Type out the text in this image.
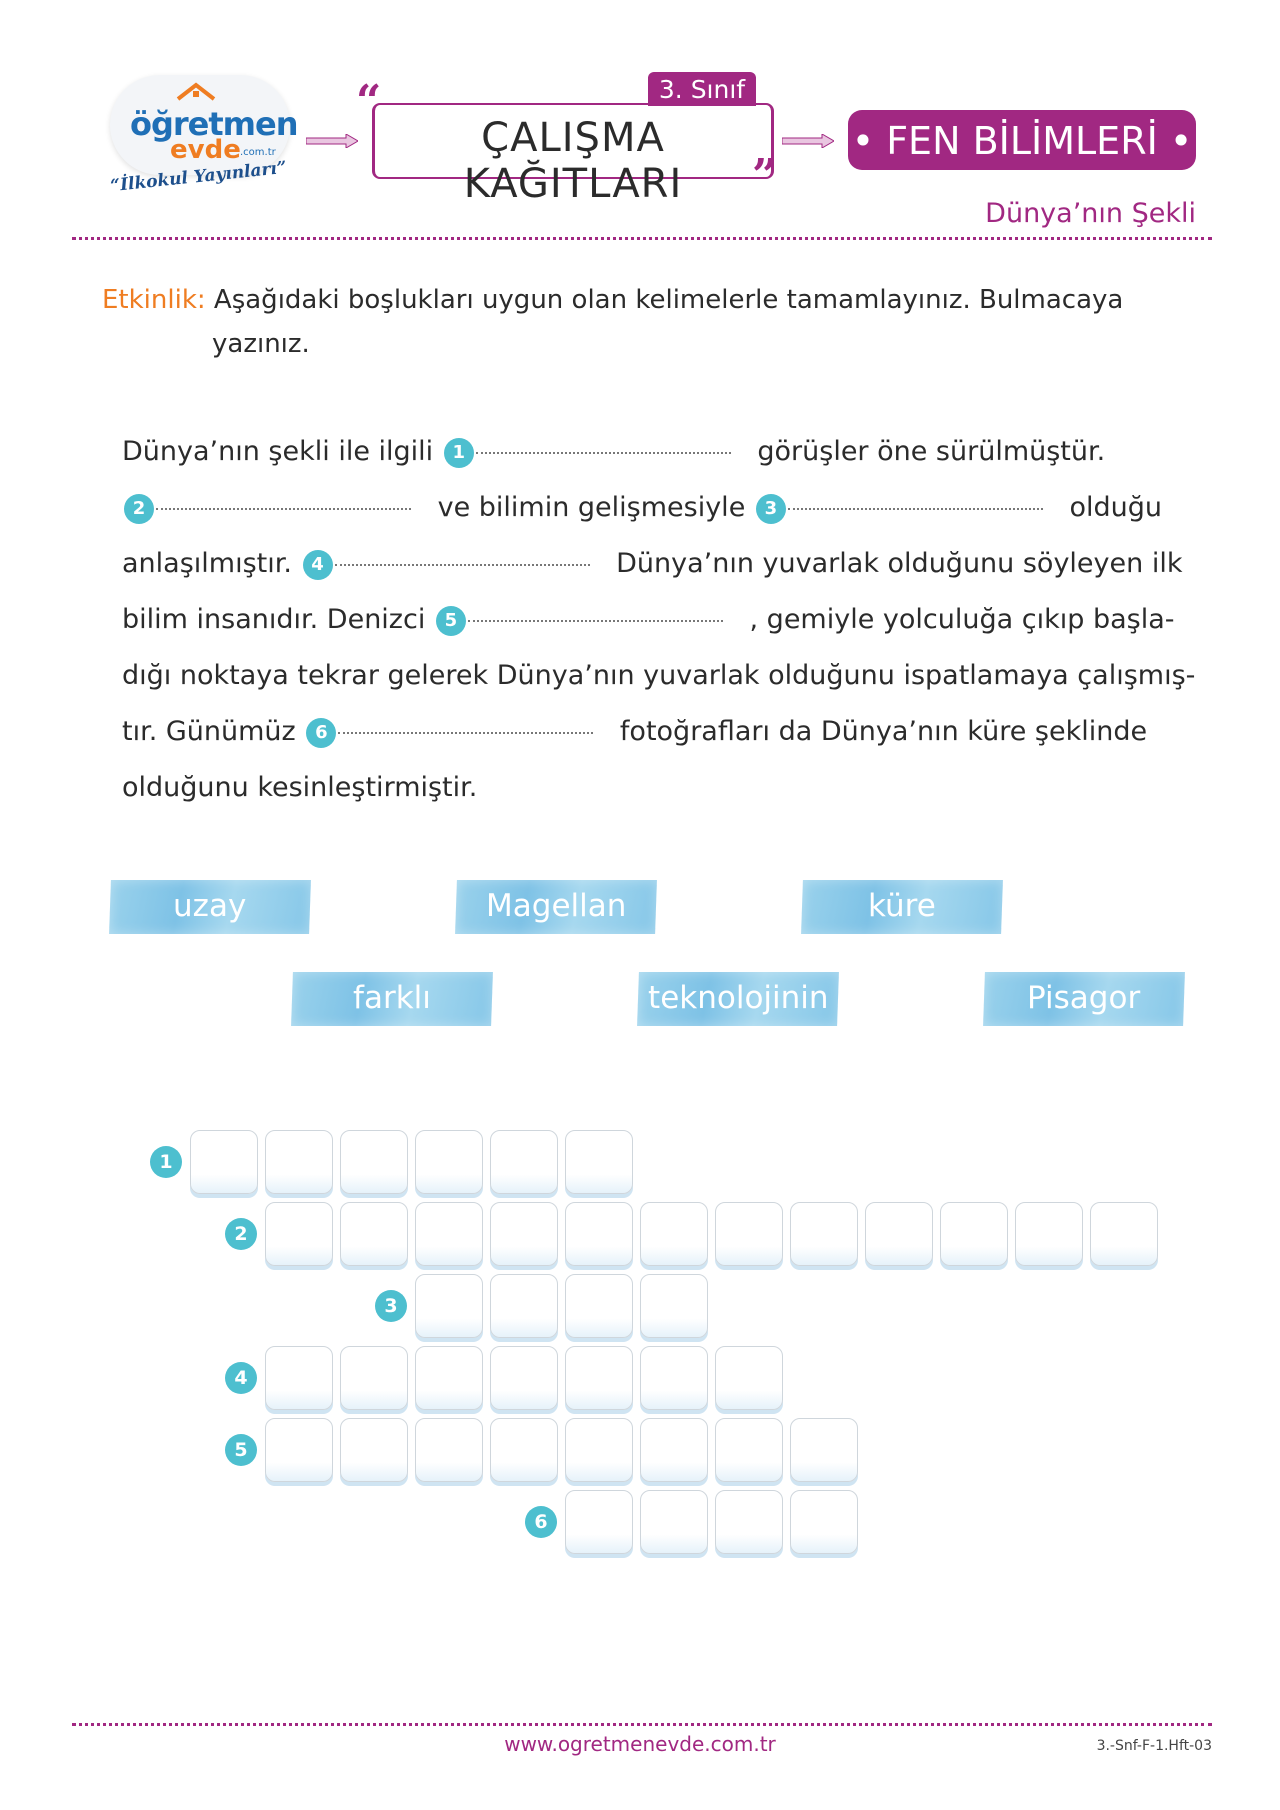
öğretmen
evde .com.tr
“İlkokul Yayınları”
3. Sınıf
“
ÇALIŞMA KAĞITLARI	”
• FEN BİLİMLERİ •
Dünya’nın Şekli
Etkinlik: Aşağıdaki boşlukları uygun olan kelimelerle tamamlayınız. Bulmacaya
yazınız.
Dünya’nın şekli ile ilgili 1	görüşler öne sürülmüştür.
2	ve bilimin gelişmesiyle 3	olduğu
anlaşılmıştır. 4	Dünya’nın yuvarlak olduğunu söyleyen ilk
bilim insanıdır. Denizci 5	, gemiyle yolculuğa çıkıp başla-
dığı noktaya tekrar gelerek Dünya’nın yuvarlak olduğunu ispatlamaya çalışmış-
tır. Günümüz 6	fotoğrafları da Dünya’nın küre şeklinde
olduğunu kesinleştirmiştir.
uzay	Magellan	küre
farklı	teknolojinin	Pisagor
1
2
3
4
5
6
www.ogretmenevde.com.tr	3.-Snf-F-1.Hft-03
